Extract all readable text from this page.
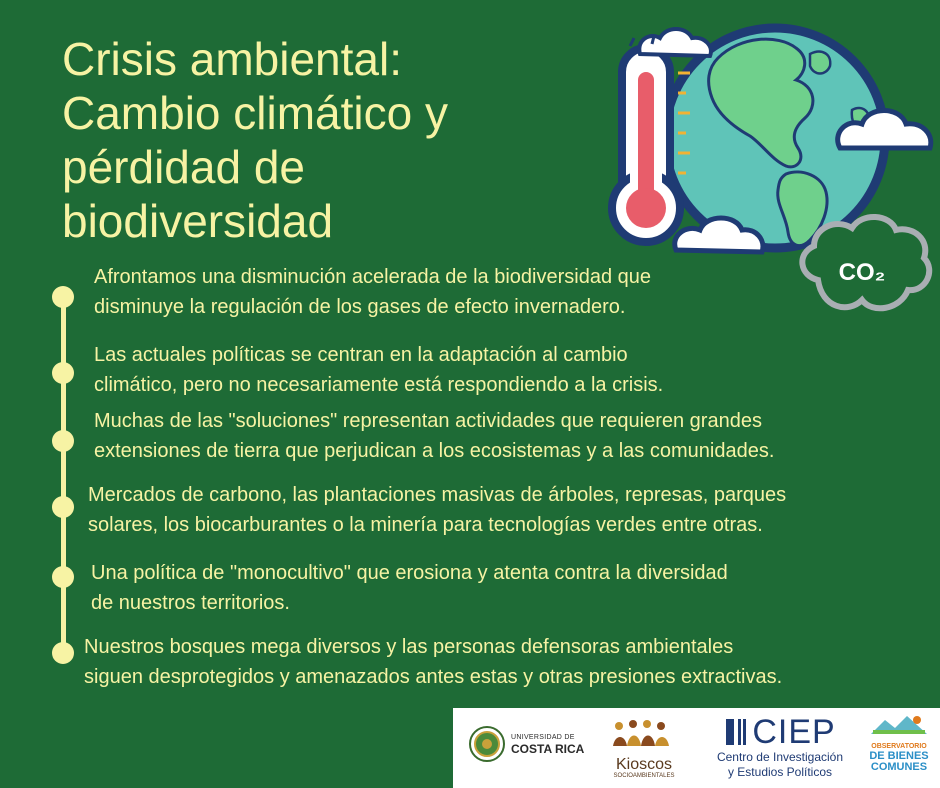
Crisis ambiental:
Cambio climático y
pérdidad de
biodiversidad
CO₂
Afrontamos una disminución acelerada de la biodiversidad que
disminuye la regulación de los gases de efecto invernadero.
Las actuales políticas se centran en la adaptación al cambio
climático, pero no necesariamente está respondiendo a la crisis.
Muchas de las "soluciones" representan actividades que requieren grandes
extensiones de tierra que perjudican a los ecosistemas y a las comunidades.
Mercados de carbono, las plantaciones masivas de árboles, represas, parques
solares, los biocarburantes o la minería para tecnologías verdes entre otras.
Una política de "monocultivo" que erosiona y atenta contra la diversidad
de nuestros territorios.
Nuestros bosques mega diversos y las personas defensoras ambientales
siguen desprotegidos y amenazados antes estas y otras presiones extractivas.
UNIVERSIDAD DE
COSTA RICA
Kioscos
SOCIOAMBIENTALES
CIEP
Centro de Investigación
y Estudios Políticos
OBSERVATORIO
DE BIENES
COMUNES
